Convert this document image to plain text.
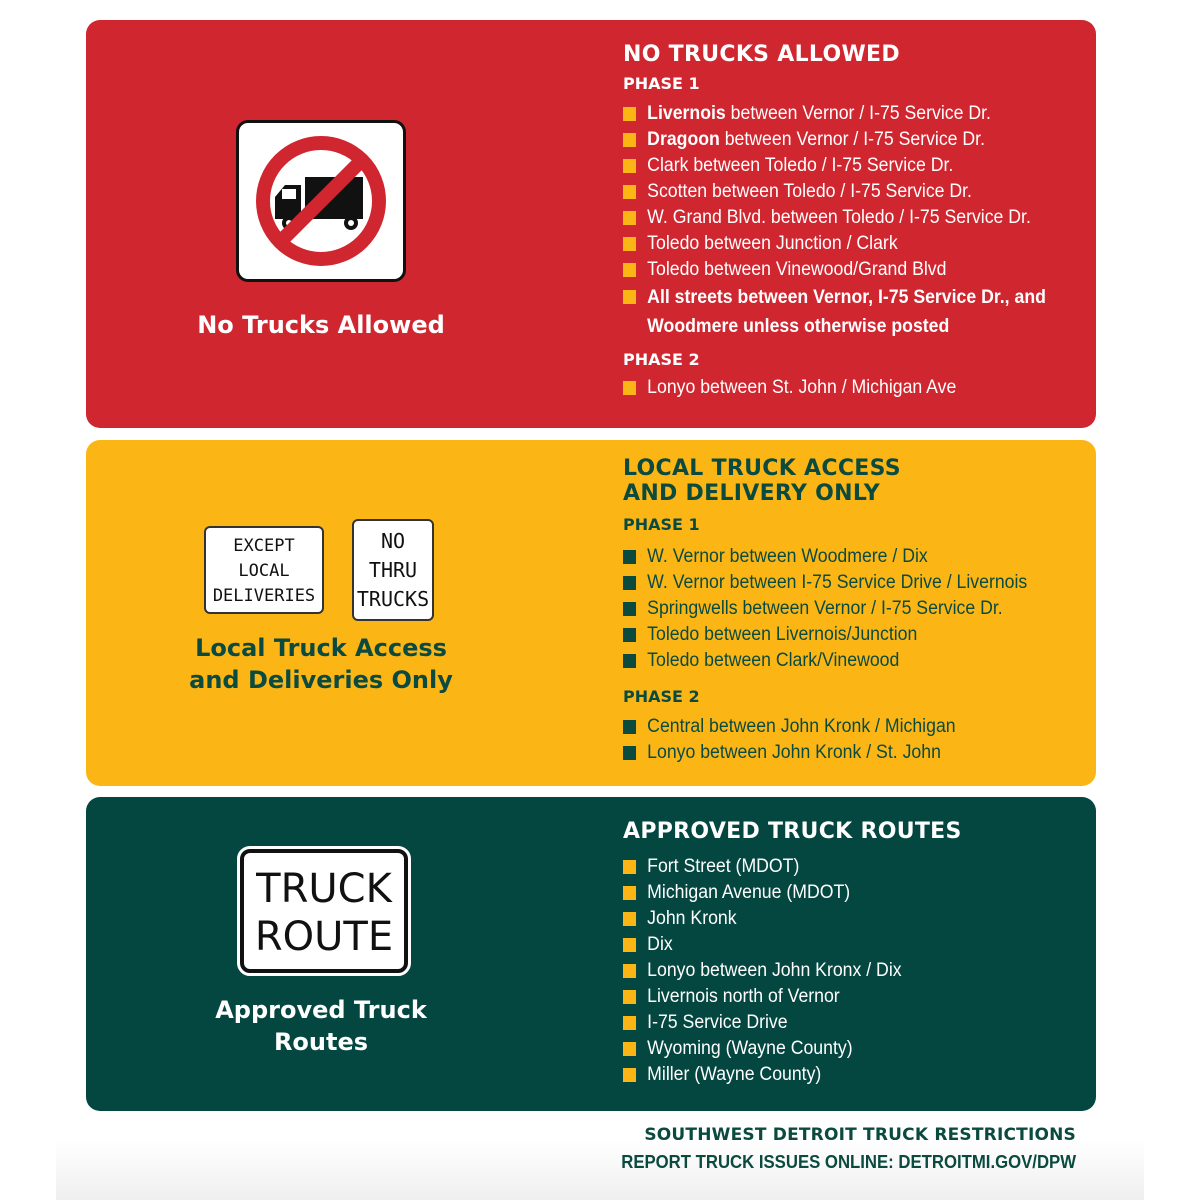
No Trucks Allowed
NO TRUCKS ALLOWED
PHASE 1
Livernois between Vernor / I-75 Service Dr.
Dragoon between Vernor / I-75 Service Dr.
Clark between Toledo / I-75 Service Dr.
Scotten between Toledo / I-75 Service Dr.
W. Grand Blvd. between Toledo / I-75 Service Dr.
Toledo between Junction / Clark
Toledo between Vinewood/Grand Blvd
All streets between Vernor, I-75 Service Dr., and Woodmere unless otherwise posted
PHASE 2
Lonyo between St. John / Michigan Ave
EXCEPT
LOCAL
DELIVERIES
NO
THRU
TRUCKS
Local Truck Access
and Deliveries Only
LOCAL TRUCK ACCESS
AND DELIVERY ONLY
PHASE 1
W. Vernor between Woodmere / Dix
W. Vernor between I-75 Service Drive / Livernois
Springwells between Vernor / I-75 Service Dr.
Toledo between Livernois/Junction
Toledo between Clark/Vinewood
PHASE 2
Central between John Kronk / Michigan
Lonyo between John Kronk / St. John
TRUCK
ROUTE
Approved Truck
Routes
APPROVED TRUCK ROUTES
Fort Street (MDOT)
Michigan Avenue (MDOT)
John Kronk
Dix
Lonyo between John Kronx / Dix
Livernois north of Vernor
I-75 Service Drive
Wyoming (Wayne County)
Miller (Wayne County)

SOUTHWEST DETROIT TRUCK RESTRICTIONS

REPORT TRUCK ISSUES ONLINE: DETROITMI.GOV/DPW
